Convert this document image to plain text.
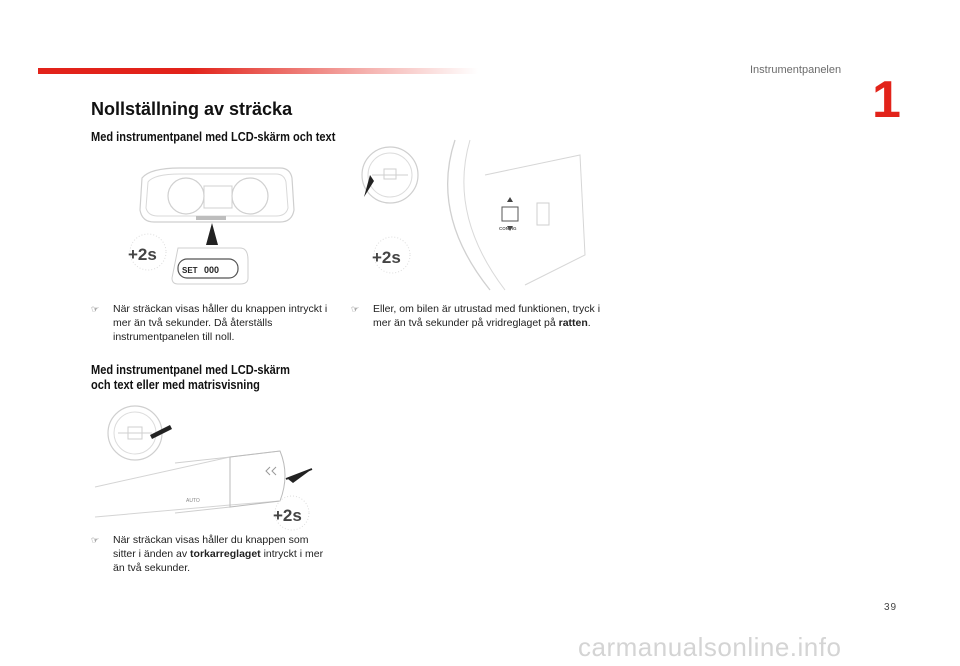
Instrumentpanelen
1
Nollställning av sträcka
Med instrumentpanel med LCD-skärm och text
SET 000
+2s
CONFIG
+2s
☞	När sträckan visas håller du knappen intryckt i mer än två sekunder. Då återställs instrumentpanelen till noll.
☞	Eller, om bilen är utrustad med funktionen, tryck i mer än två sekunder på vridreglaget på ratten.
Med instrumentpanel med LCD-skärm
och text eller med matrisvisning
AUTO
+2s
☞	När sträckan visas håller du knappen som sitter i änden av torkarreglaget intryckt i mer än två sekunder.
39
carmanualsonline.info
